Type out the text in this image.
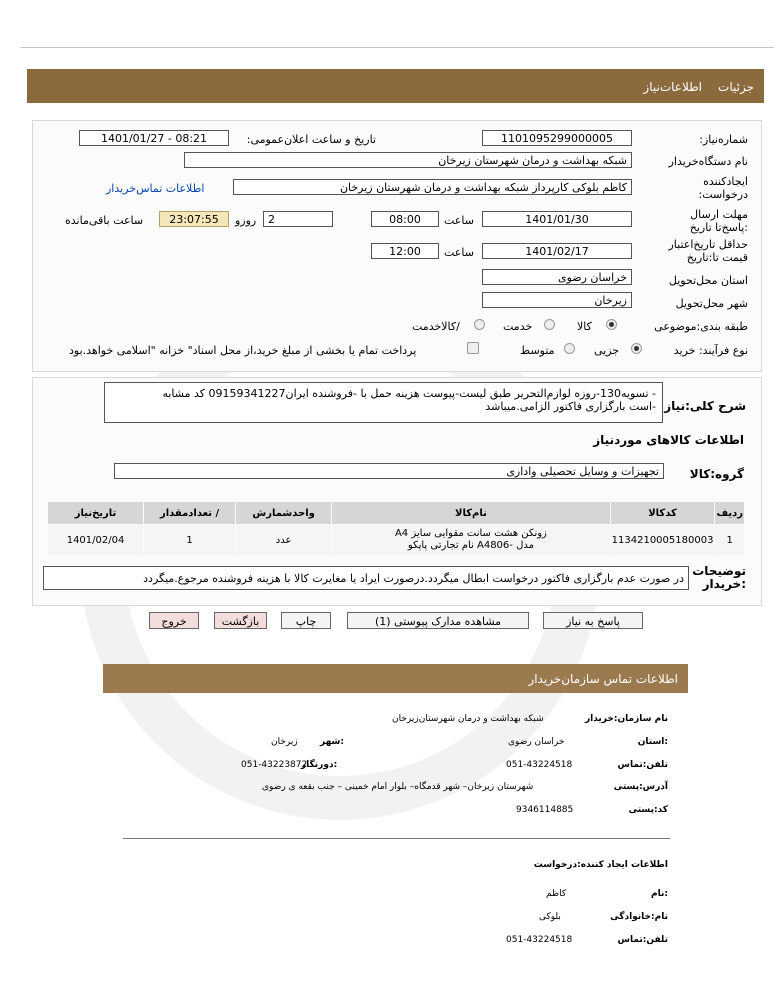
جزئیات
اطلاعات‌نیاز
شماره‌نیاز:
1101095299000005
تاریخ و ساعت اعلان‌عمومی:
1401/01/27 - 08:21
نام دستگاه‌خریدار
شبکه بهداشت و درمان شهرستان زیرخان
ایجادکننده درخواست:
کاظم بلوکی کارپرداز شبکه بهداشت و درمان شهرستان زیرخان
اطلاعات تماس‌خریدار
مهلت ارسال :پاسخ‌تا تاریخ
1401/01/30
ساعت
08:00
2
روزو
23:07:55
ساعت باقی‌مانده
حداقل تاریخ‌اعتبار قیمت تا:تاریخ
1401/02/17
ساعت
12:00
استان محل‌تحویل
خراسان رضوی
شهر محل‌تحویل
زیرخان
طبقه بندی:موضوعی
کالا
خدمت
/کالاخدمت
نوع فرآیند: خرید
جزیی
متوسط
پرداخت تمام یا بخشی از مبلغ خرید،از محل اسناد" خزانه "اسلامی خواهد.بود
شرح کلی:نیاز
- تسویه130-روزه لوازم‌التحریر طبق لیست-پیوست هزینه حمل با -فروشنده ایران09159341227 کد مشابه
-است بارگزاری فاکتور الزامی.میباشد
اطلاعات کالاهای موردنیاز
گروه:کالا
تجهیزات و وسایل تحصیلی واداری
ردیف	کدکالا	نام‌کالا	واحدشمارش	/ تعدادمقدار	تاریخ‌نیاز
1	1134210005180003	زونکن هشت سانت مقوایی سایز A4
مدل -A4806 نام تجارتی پاپکو	عدد	1	1401/02/04
توضیحات :خریدار
در صورت عدم بارگزاری فاکتور درخواست ابطال میگردد.درصورت ایراد یا مغایرت کالا با هزینه فروشنده مرجوع.میگردد
پاسخ به نیاز
مشاهده مدارک پیوستی (1)
چاپ
بازگشت
خروج
اطلاعات تماس سازمان‌خریدار
نام سازمان:خریدار
شبکه بهداشت و درمان شهرستان‌زیرخان
:استان
خراسان رضوی
:شهر
زیرخان
تلفن:تماس
051-43224518
:دورنگار
051-43223872
آدرس:پستی
شهرستان زیرخان– شهر قدمگاه– بلوار امام خمینی – جنب بقعه ی رضوی
کد:پستی
9346114885
اطلاعات ایجاد کننده:درخواست
:نام
کاظم
نام:خانوادگی
بلوکی
تلفن:تماس
051-43224518
